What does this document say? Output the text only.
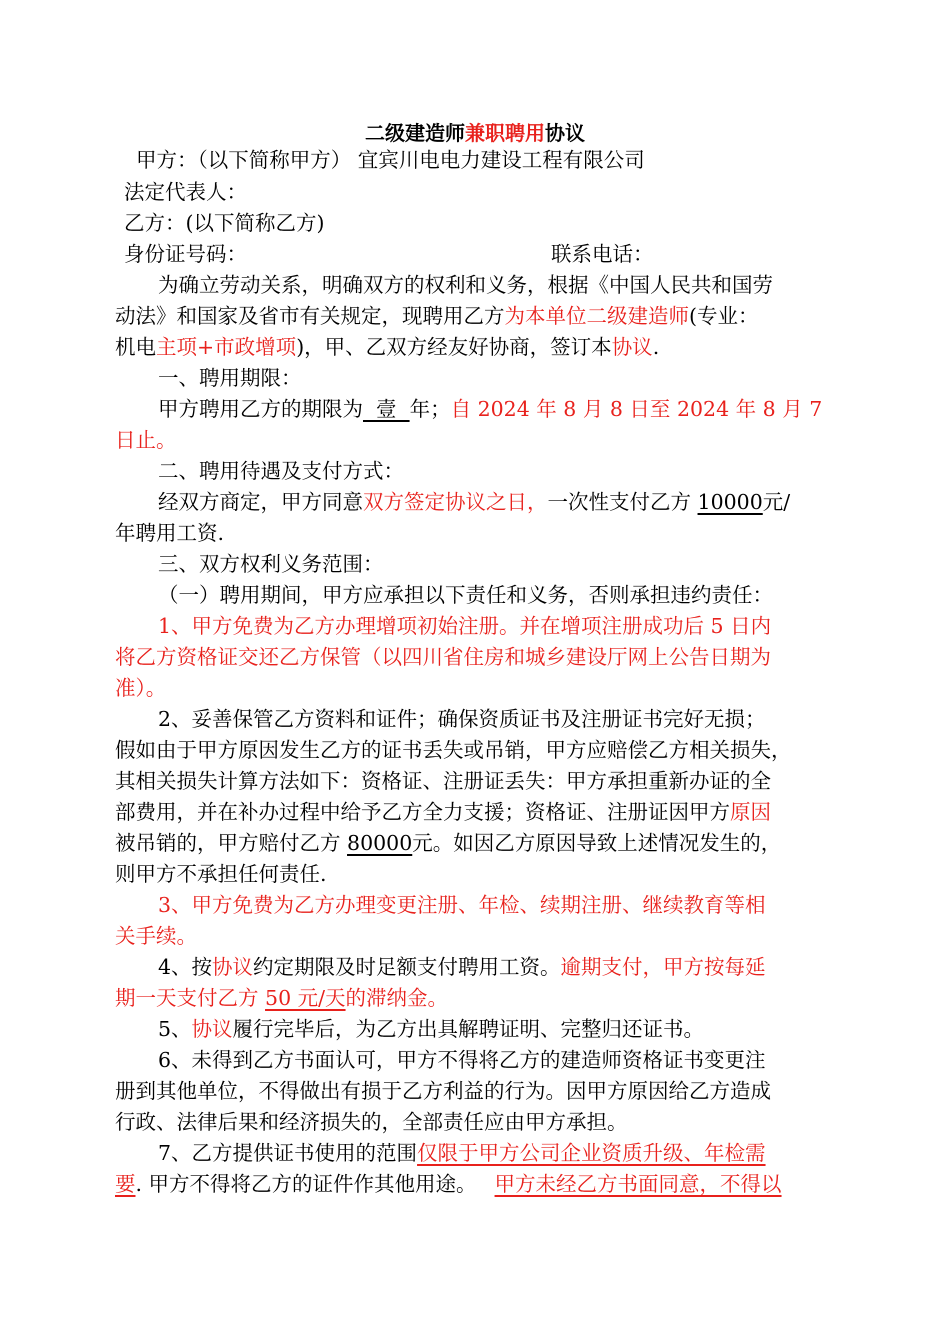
二级建造师兼职聘用协议
甲方：（以下简称甲方） 宜宾川电电力建设工程有限公司
法定代表人：
乙方：(以下简称乙方)
身份证号码：	联系电话：
为确立劳动关系，明确双方的权利和义务，根据《中国人民共和国劳
动法》和国家及省市有关规定，现聘用乙方为本单位二级建造师(专业：
机电主项+市政增项)，甲、乙双方经友好协商，签订本协议.
一、聘用期限：
甲方聘用乙方的期限为  壹  年；自 2024 年 8 月 8 日至 2024 年 8 月 7
日止。
二、聘用待遇及支付方式：
经双方商定，甲方同意双方签定协议之日，一次性支付乙方 10000元/
年聘用工资.
三、双方权利义务范围：
（一）聘用期间，甲方应承担以下责任和义务，否则承担违约责任：
1、甲方免费为乙方办理增项初始注册。并在增项注册成功后 5 日内
将乙方资格证交还乙方保管（以四川省住房和城乡建设厅网上公告日期为
准）。
2、妥善保管乙方资料和证件；确保资质证书及注册证书完好无损；
假如由于甲方原因发生乙方的证书丢失或吊销，甲方应赔偿乙方相关损失，
其相关损失计算方法如下：资格证、注册证丢失：甲方承担重新办证的全
部费用，并在补办过程中给予乙方全力支援；资格证、注册证因甲方原因
被吊销的，甲方赔付乙方 80000元。如因乙方原因导致上述情况发生的，
则甲方不承担任何责任.
3、甲方免费为乙方办理变更注册、年检、续期注册、继续教育等相
关手续。
4、按协议约定期限及时足额支付聘用工资。逾期支付，甲方按每延
期一天支付乙方 50 元/天的滞纳金。
5、协议履行完毕后，为乙方出具解聘证明、完整归还证书。
6、未得到乙方书面认可，甲方不得将乙方的建造师资格证书变更注
册到其他单位，不得做出有损于乙方利益的行为。因甲方原因给乙方造成
行政、法律后果和经济损失的，全部责任应由甲方承担。
7、乙方提供证书使用的范围仅限于甲方公司企业资质升级、年检需
要. 甲方不得将乙方的证件作其他用途。 甲方未经乙方书面同意，不得以
